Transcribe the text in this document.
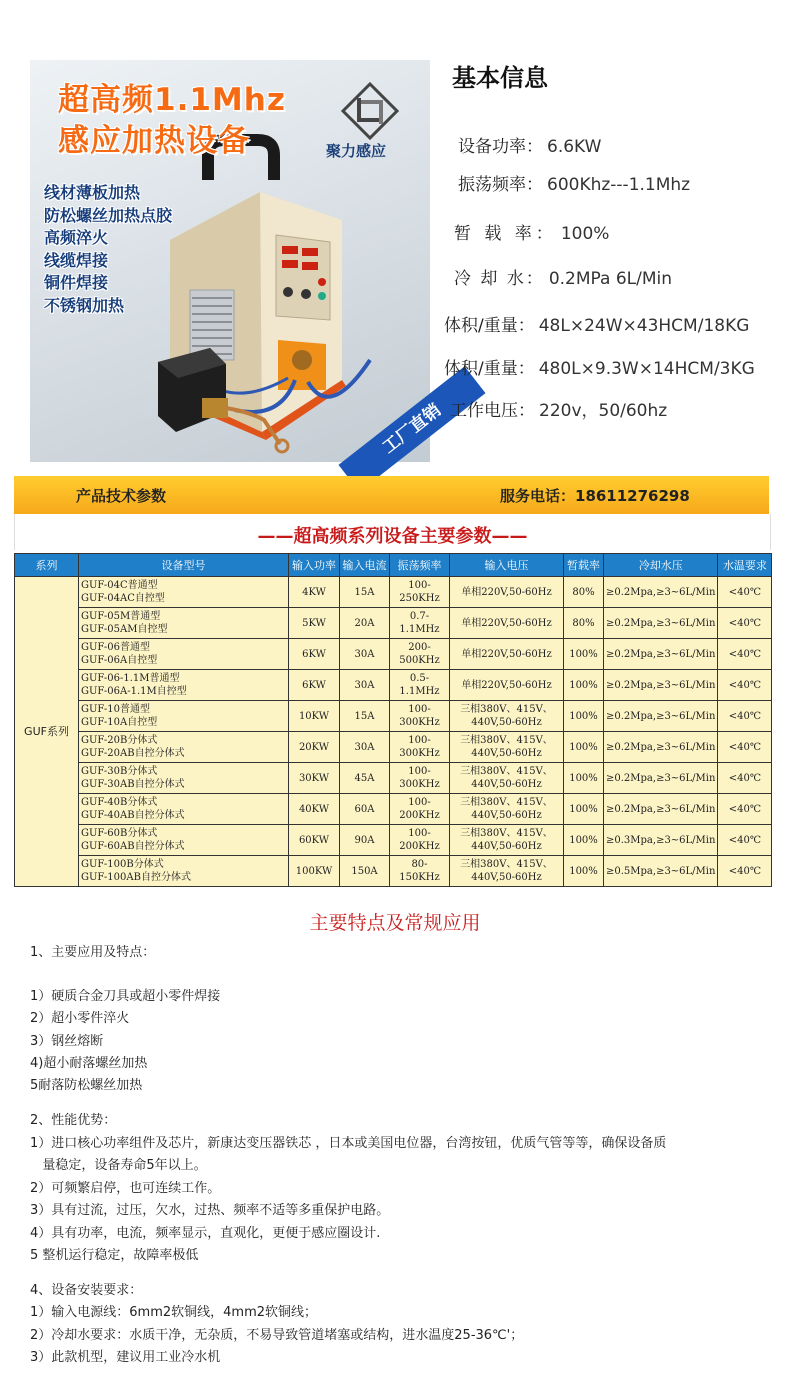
超高频1.1Mhz
感应加热设备	聚力感应
线材薄板加热
防松螺丝加热点胶
高频淬火
线缆焊接
铜件焊接
不锈钢加热
工厂直销
基本信息
设备功率： 6.6KW
振荡频率： 600Khz---1.1Mhz
暂 载 率： 100%
冷 却 水： 0.2MPa 6L/Min
体积/重量： 48L×24W×43HCM/18KG
体积/重量： 480L×9.3W×14HCM/3KG
工作电压： 220v，50/60hz
产品技术参数	服务电话：18611276298
——超高频系列设备主要参数——
系列	设备型号	输入功率	输入电流	振荡频率	输入电压	暂载率	冷却水压	水温要求
GUF系列	GUF-04C普通型
GUF-04AC自控型	4KW	15A	100-250KHz	单相220V,50-60Hz	80%	≥0.2Mpa,≥3~6L/Min	<40℃
	GUF-05M普通型
GUF-05AM自控型	5KW	20A	0.7-1.1MHz	单相220V,50-60Hz	80%	≥0.2Mpa,≥3~6L/Min	<40℃
	GUF-06普通型
GUF-06A自控型	6KW	30A	200-500KHz	单相220V,50-60Hz	100%	≥0.2Mpa,≥3~6L/Min	<40℃
	GUF-06-1.1M普通型
GUF-06A-1.1M自控型	6KW	30A	0.5-1.1MHz	单相220V,50-60Hz	100%	≥0.2Mpa,≥3~6L/Min	<40℃
	GUF-10普通型
GUF-10A自控型	10KW	15A	100-300KHz	三相380V、415V、
440V,50-60Hz	100%	≥0.2Mpa,≥3~6L/Min	<40℃
	GUF-20B分体式
GUF-20AB自控分体式	20KW	30A	100-300KHz	三相380V、415V、
440V,50-60Hz	100%	≥0.2Mpa,≥3~6L/Min	<40℃
	GUF-30B分体式
GUF-30AB自控分体式	30KW	45A	100-300KHz	三相380V、415V、
440V,50-60Hz	100%	≥0.2Mpa,≥3~6L/Min	<40℃
	GUF-40B分体式
GUF-40AB自控分体式	40KW	60A	100-200KHz	三相380V、415V、
440V,50-60Hz	100%	≥0.2Mpa,≥3~6L/Min	<40℃
	GUF-60B分体式
GUF-60AB自控分体式	60KW	90A	100-200KHz	三相380V、415V、
440V,50-60Hz	100%	≥0.3Mpa,≥3~6L/Min	<40℃
	GUF-100B分体式
GUF-100AB自控分体式	100KW	150A	80-150KHz	三相380V、415V、
440V,50-60Hz	100%	≥0.5Mpa,≥3~6L/Min	<40℃
主要特点及常规应用
1、主要应用及特点：
1）硬质合金刀具或超小零件焊接
2）超小零件淬火
3）钢丝熔断
4)超小耐落螺丝加热
5耐落防松螺丝加热
2、性能优势：
1）进口核心功率组件及芯片，新康达变压器铁芯 ，日本或美国电位器，台湾按钮，优质气管等等，确保设备质
量稳定，设备寿命5年以上。
2）可频繁启停，也可连续工作。
3）具有过流，过压，欠水，过热、频率不适等多重保护电路。
4）具有功率，电流，频率显示，直观化，更便于感应圈设计.
5 整机运行稳定，故障率极低
4、设备安装要求：
1）输入电源线：6mm2软铜线，4mm2软铜线；
2）冷却水要求：水质干净，无杂质，不易导致管道堵塞或结构，进水温度25-36℃'；
3）此款机型，建议用工业冷水机
